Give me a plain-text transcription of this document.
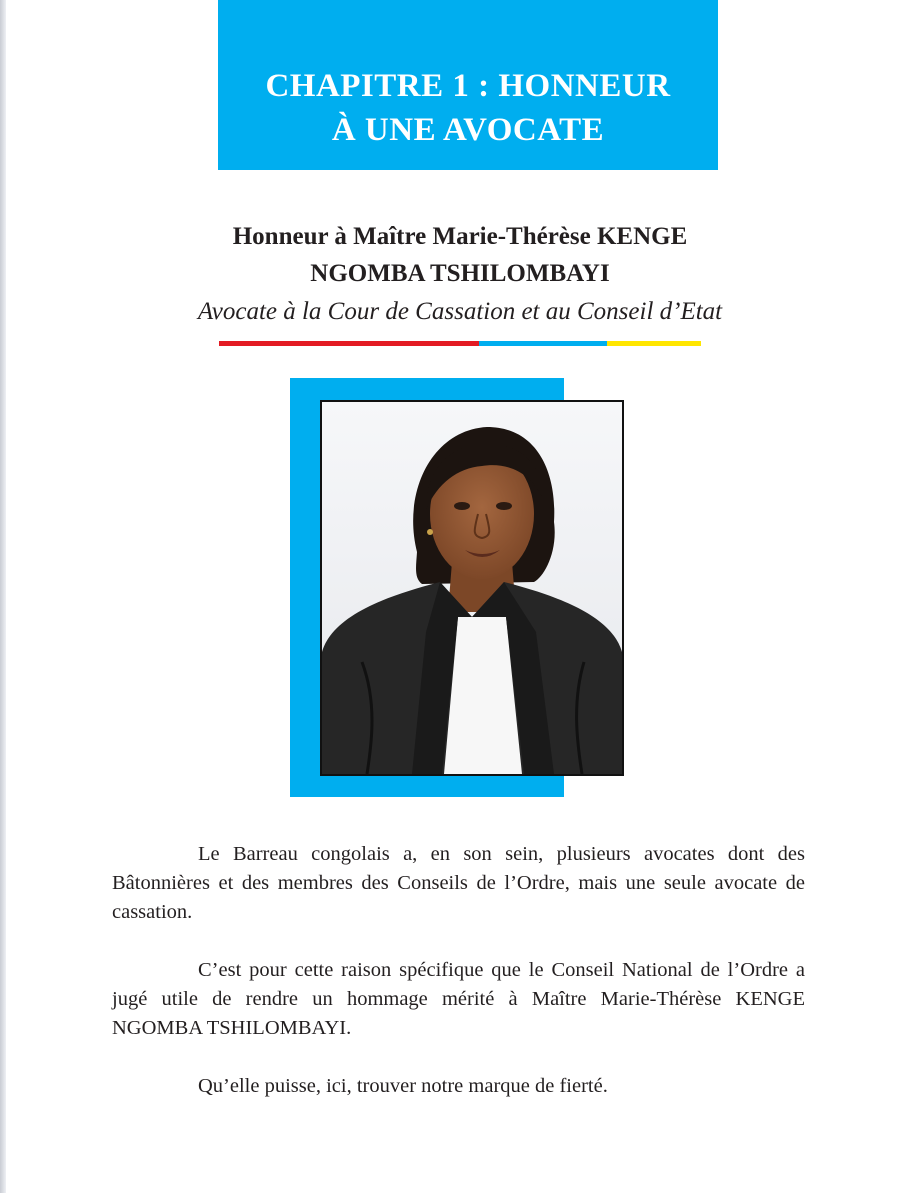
CHAPITRE 1 : HONNEUR
À UNE AVOCATE
Honneur à Maître Marie-Thérèse KENGE
NGOMBA TSHILOMBAYI
Avocate à la Cour de Cassation et au Conseil d’Etat

Le Barreau congolais a, en son sein, plusieurs avocates dont des Bâtonnières et des membres des Conseils de l’Ordre, mais une seule avocate de cassation.

C’est pour cette raison spécifique que le Conseil National de l’Ordre a jugé utile de rendre un hommage mérité à Maître Marie-Thérèse KENGE NGOMBA TSHILOMBAYI.

Qu’elle puisse, ici, trouver notre marque de fierté.
